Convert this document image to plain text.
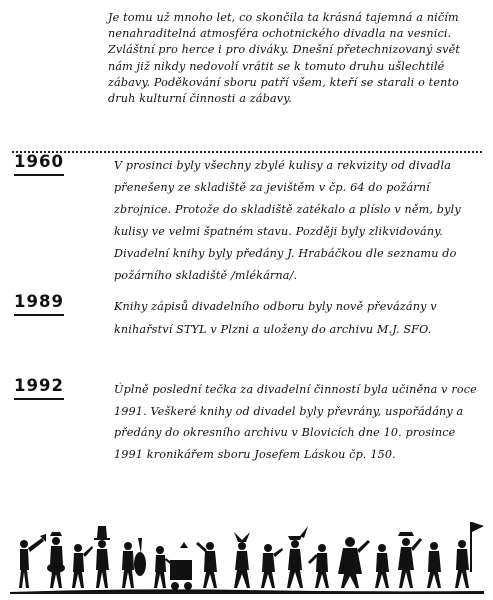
Je tomu už mnoho let, co skončila ta krásná tajemná a ničím nenahraditelná atmosféra ochotnického divadla na vesnici. Zvláštní pro herce i pro diváky. Dnešní přetechnizovaný svět nám již nikdy nedovolí vrátit se k tomuto druhu ušlechtilé zábavy. Poděkování sboru patří všem, kteří se starali o tento druh kulturní činnosti a zábavy.
V prosinci byly všechny zbylé kulisy a rekvizity od divadla přenešeny ze skladiště za jevištěm v čp. 64 do požární zbrojnice. Protože do skladiště zatékalo a plíslo v něm, byly kulisy ve velmi špatném stavu. Později byly zlikvidovány. Divadelní knihy byly předány J. Hrabáčkou dle seznamu do požárního skladiště /mlékárna/.
1960
Knihy zápisů divadelního odboru byly nově převázány v knihařství STYL v Plzni a uloženy do archivu M.J. SFO.
1989
Úplně poslední tečka za divadelní činností byla učiněna v roce 1991. Veškeré knihy od divadel byly převrány, uspořádány a předány do okresního archivu v Blovicích dne 10. prosince 1991 kronikářem sboru Josefem Láskou čp. 150.
1992
